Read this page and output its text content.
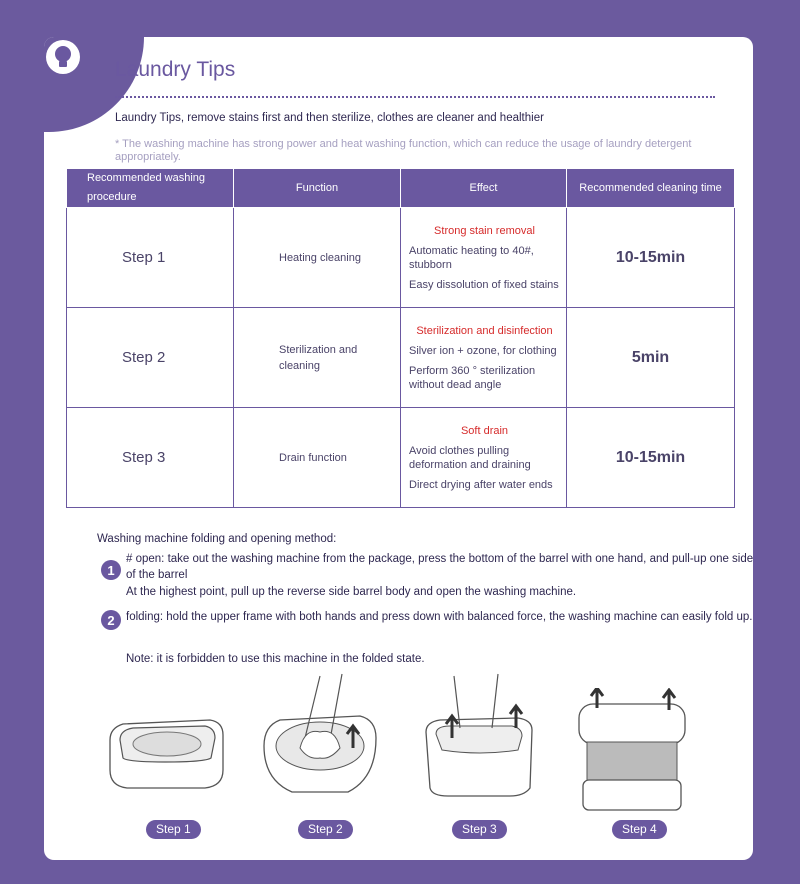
Laundry Tips
Laundry Tips, remove stains first and then sterilize, clothes are cleaner and healthier
* The washing machine has strong power and heat washing function, which can reduce the usage of laundry detergent appropriately.
Recommended washing procedure	Function	Effect	Recommended cleaning time
Step 1	Heating cleaning	Strong stain removal
Automatic heating to 40#, stubborn
Easy dissolution of fixed stains	10-15min
Step 2	Sterilization and cleaning	Sterilization and disinfection
Silver ion + ozone, for clothing
Perform 360 ° sterilization without dead angle	5min
Step 3	Drain function	Soft drain
Avoid clothes pulling deformation and draining
Direct drying after water ends	10-15min
Washing machine folding and opening method:
1
# open: take out the washing machine from the package, press the bottom of the barrel with one hand, and pull-up one side of the barrel
At the highest point, pull up the reverse side barrel body and open the washing machine.
2 folding: hold the upper frame with both hands and press down with balanced force, the washing machine can easily fold up.
Note: it is forbidden to use this machine in the folded state.
Step 1	Step 2	Step 3	Step 4
